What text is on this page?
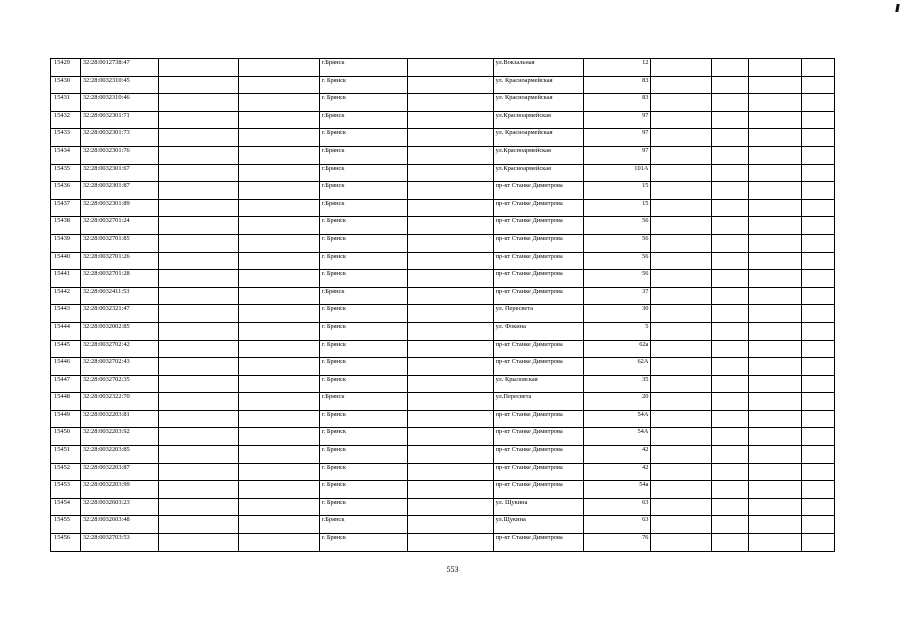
15429	32:28:0012738:47			г.Брянск		ул.Вокзальная	12				
15430	32:28:0032310:45			г. Брянск		ул. Красноармейская	83				
15431	32:28:0032310:46			г. Брянск		ул. Красноармейская	83				
15432	32:28:0032301:71			г.Брянск		ул.Красноармейская	97				
15433	32:28:0032301:73			г. Брянск		ул. Красноармейская	97				
15434	32:28:0032301:76			г.Брянск		ул.Красноармейская	97				
15435	32:28:0032301:67			г.Брянск		ул.Красноармейская	101А				
15436	32:28:0032301:87			г.Брянск		пр-кт Станке Димитрова	15				
15437	32:28:0032301:89			г.Брянск		пр-кт Станке Димитрова	15				
15438	32:28:0032701:24			г. Брянск		пр-кт Станке Димитрова	56				
15439	32:28:0032701:85			г. Брянск		пр-кт Станке Димитрова	56				
15440	32:28:0032701:26			г. Брянск		пр-кт Станке Димитрова	56				
15441	32:28:0032701:28			г. Брянск		пр-кт Станке Димитрова	56				
15442	32:28:0032411:53			г.Брянск		пр-кт Станке Димитрова	37				
15443	32:28:0032321:47			г. Брянск		ул. Пересвета	30				
15444	32:28:0032002:85			г. Брянск		ул. Фокина	5				
15445	32:28:0032702:42			г. Брянск		пр-кт Станке Димитрова	62а				
15446	32:28:0032702:43			г. Брянск		пр-кт Станке Димитрова	62А				
15447	32:28:0032702:35			г. Брянск		ул. Крыловская	35				
15448	32:28:0032322:70			г.Брянск		ул.Пересвета	20				
15449	32:28:0032203:81			г. Брянск		пр-кт Станке Димитрова	54А				
15450	32:28:0032203:92			г. Брянск		пр-кт Станке Димитрова	54А				
15451	32:28:0032203:85			г. Брянск		пр-кт Станке Димитрова	42				
15452	32:28:0032203:87			г. Брянск		пр-кт Станке Димитрова	42				
15453	32:28:0032203:99			г. Брянск		пр-кт Станке Димитрова	54а				
15454	32:28:0032603:23			г. Брянск		ул. Щукина	63				
15455	32:28:0032603:48			г.Брянск		ул.Щукина	63				
15456	32:28:0032703:53			г. Брянск		пр-кт Станке Димитрова	76				
553
